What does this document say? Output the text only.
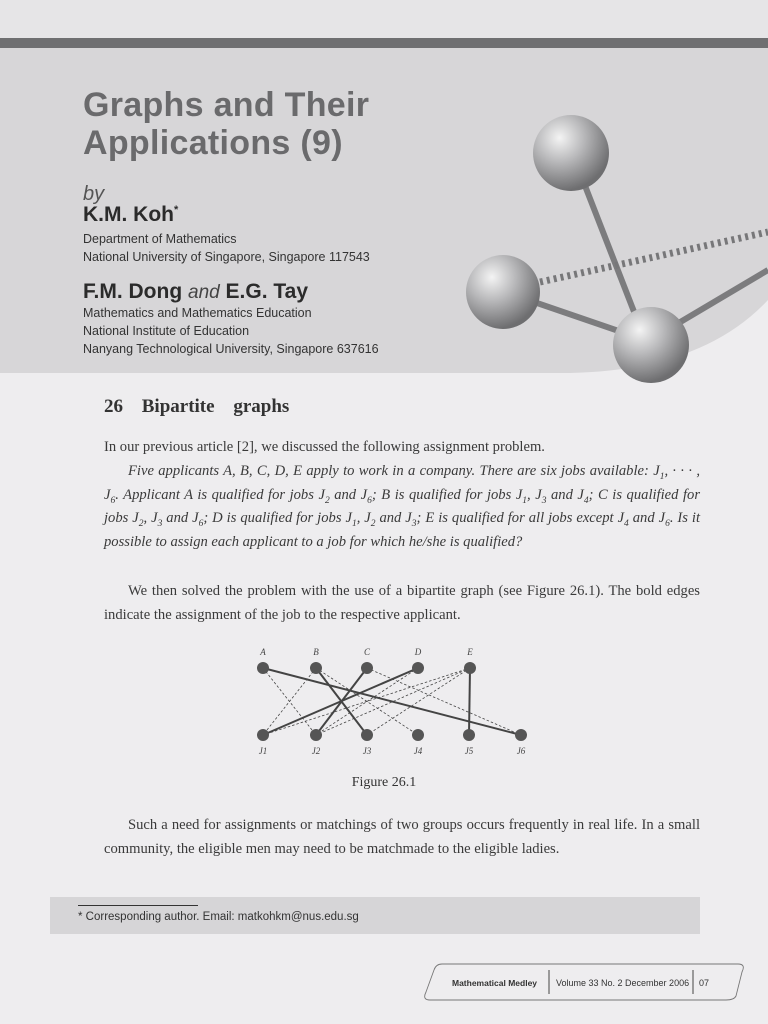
Graphs and Their
Applications (9)
by
K.M. Koh*
Department of Mathematics
National University of Singapore, Singapore 117543
F.M. Dong and E.G. Tay
Mathematics and Mathematics Education
National Institute of Education
Nanyang Technological University, Singapore 637616
26 Bipartite graphs

In our previous article [2], we discussed the following assignment problem.

Five applicants A, B, C, D, E apply to work in a company. There are six jobs available: $J_1$, · · · , $J_6$. Applicant A is qualified for jobs $J_2$ and $J_6$; B is qualified for jobs $J_1$, $J_3$ and $J_4$; C is qualified for jobs $J_2$, $J_3$ and $J_6$; D is qualified for jobs $J_1$, $J_2$ and $J_3$; E is qualified for all jobs except $J_4$ and $J_6$. Is it possible to assign each applicant to a job for which he/she is qualified?

We then solved the problem with the use of a bipartite graph (see Figure 26.1). The bold edges indicate the assignment of the job to the respective applicant.

A	B	C	D	E
J1	J2	J3	J4	J5	J6
Figure 26.1

Such a need for assignments or matchings of two groups occurs frequently in real life. In a small community, the eligible men may need to be matchmade to the eligible ladies.

* Corresponding author. Email: matkohkm@nus.edu.sg
Mathematical Medley Volume 33 No. 2 December 2006 07
